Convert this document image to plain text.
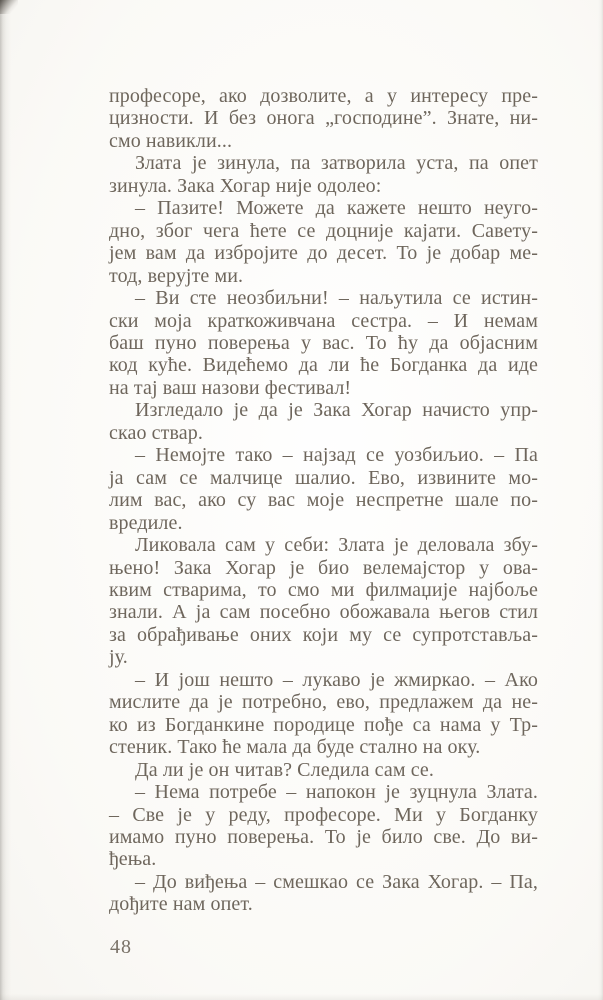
професоре, ако дозволите, а у интересу пре-
цизности. И без онога „господине”. Знате, ни-
смо навикли...
Злата је зинула, па затворила уста, па опет
зинула. Зака Хогар није одолео:
– Пазите! Можете да кажете нешто неуго-
дно, због чега ћете се доцније кајати. Савету-
јем вам да избројите до десет. То је добар ме-
тод, верујте ми.
– Ви сте неозбиљни! – наљутила се истин-
ски моја краткоживчана сестра. – И немам
баш пуно поверења у вас. То ћу да објасним
код куће. Видећемо да ли ће Богданка да иде
на тај ваш назови фестивал!
Изгледало је да је Зака Хогар начисто упр-
скао ствар.
– Немојте тако – најзад се уозбиљио. – Па
ја сам се малчице шалио. Ево, извините мо-
лим вас, ако су вас моје неспретне шале по-
вредиле.
Ликовала сам у себи: Злата је деловала збу-
њено! Зака Хогар је био велемајстор у ова-
квим стварима, то смо ми филмаџије најбоље
знали. А ја сам посебно обожавала његов стил
за обрађивање оних који му се супротставља-
ју.
– И још нешто – лукаво је жмиркао. – Ако
мислите да је потребно, ево, предлажем да не-
ко из Богданкине породице пође са нама у Тр-
стеник. Тако ће мала да буде стално на оку.
Да ли је он читав? Следила сам се.
– Нема потребе – напокон је зуцнула Злата.
– Све је у реду, професоре. Ми у Богданку
имамо пуно поверења. То је било све. До ви-
ђења.
– До виђења – смешкао се Зака Хогар. – Па,
дођите нам опет.
48
